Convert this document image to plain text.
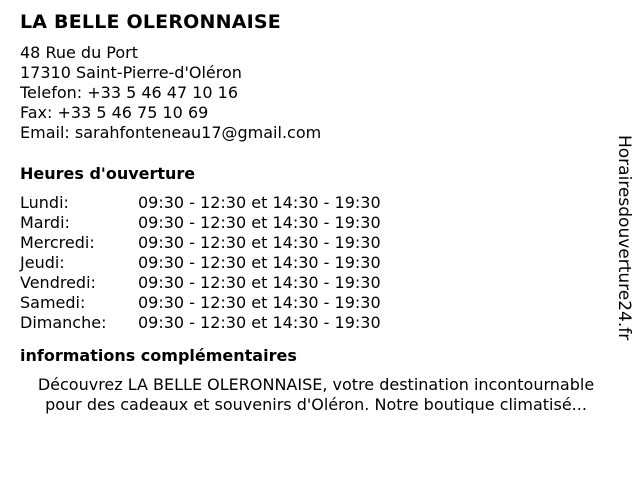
LA BELLE OLERONNAISE
48 Rue du Port
17310 Saint-Pierre-d'Oléron
Telefon: +33 5 46 47 10 16
Fax: +33 5 46 75 10 69
Email: sarahfonteneau17@gmail.com
Heures d'ouverture
Lundi:	09:30 - 12:30 et 14:30 - 19:30
Mardi:	09:30 - 12:30 et 14:30 - 19:30
Mercredi:	09:30 - 12:30 et 14:30 - 19:30
Jeudi:	09:30 - 12:30 et 14:30 - 19:30
Vendredi:	09:30 - 12:30 et 14:30 - 19:30
Samedi:	09:30 - 12:30 et 14:30 - 19:30
Dimanche:	09:30 - 12:30 et 14:30 - 19:30
informations complémentaires
Découvrez LA BELLE OLERONNAISE, votre destination incontournable
pour des cadeaux et souvenirs d'Oléron. Notre boutique climatisé...
Horairesdouverture24.fr
